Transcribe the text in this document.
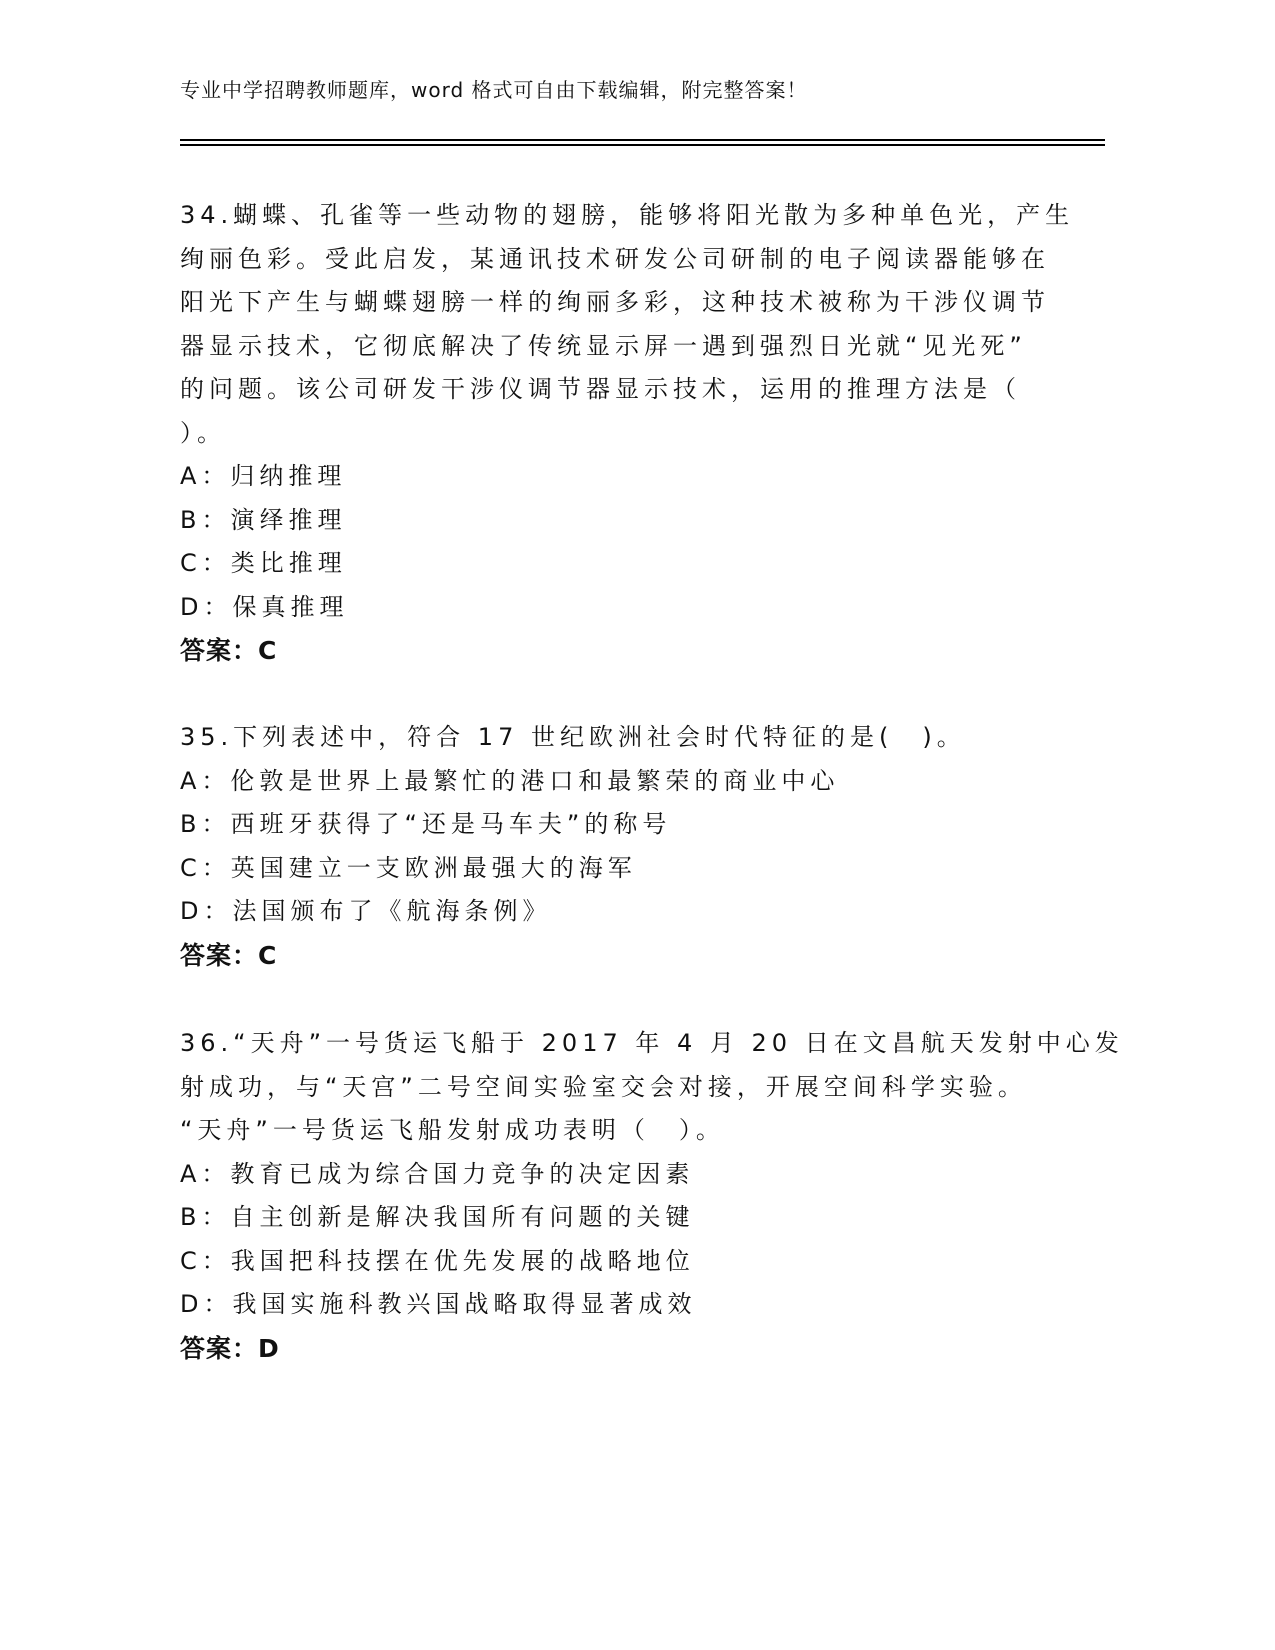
专业中学招聘教师题库，word 格式可自由下载编辑，附完整答案！
34.蝴蝶、孔雀等一些动物的翅膀，能够将阳光散为多种单色光，产生
绚丽色彩。受此启发，某通讯技术研发公司研制的电子阅读器能够在
阳光下产生与蝴蝶翅膀一样的绚丽多彩，这种技术被称为干涉仪调节
器显示技术，它彻底解决了传统显示屏一遇到强烈日光就“见光死”
的问题。该公司研发干涉仪调节器显示技术，运用的推理方法是（
）。
A：归纳推理
B：演绎推理
C：类比推理
D：保真推理
答案：C
35.下列表述中，符合 17 世纪欧洲社会时代特征的是(　)。
A：伦敦是世界上最繁忙的港口和最繁荣的商业中心
B：西班牙获得了“还是马车夫”的称号
C：英国建立一支欧洲最强大的海军
D：法国颁布了《航海条例》
答案：C
36.“天舟”一号货运飞船于 2017 年 4 月 20 日在文昌航天发射中心发
射成功，与“天宫”二号空间实验室交会对接，开展空间科学实验。
“天舟”一号货运飞船发射成功表明（　）。
A：教育已成为综合国力竞争的决定因素
B：自主创新是解决我国所有问题的关键
C：我国把科技摆在优先发展的战略地位
D：我国实施科教兴国战略取得显著成效
答案：D
